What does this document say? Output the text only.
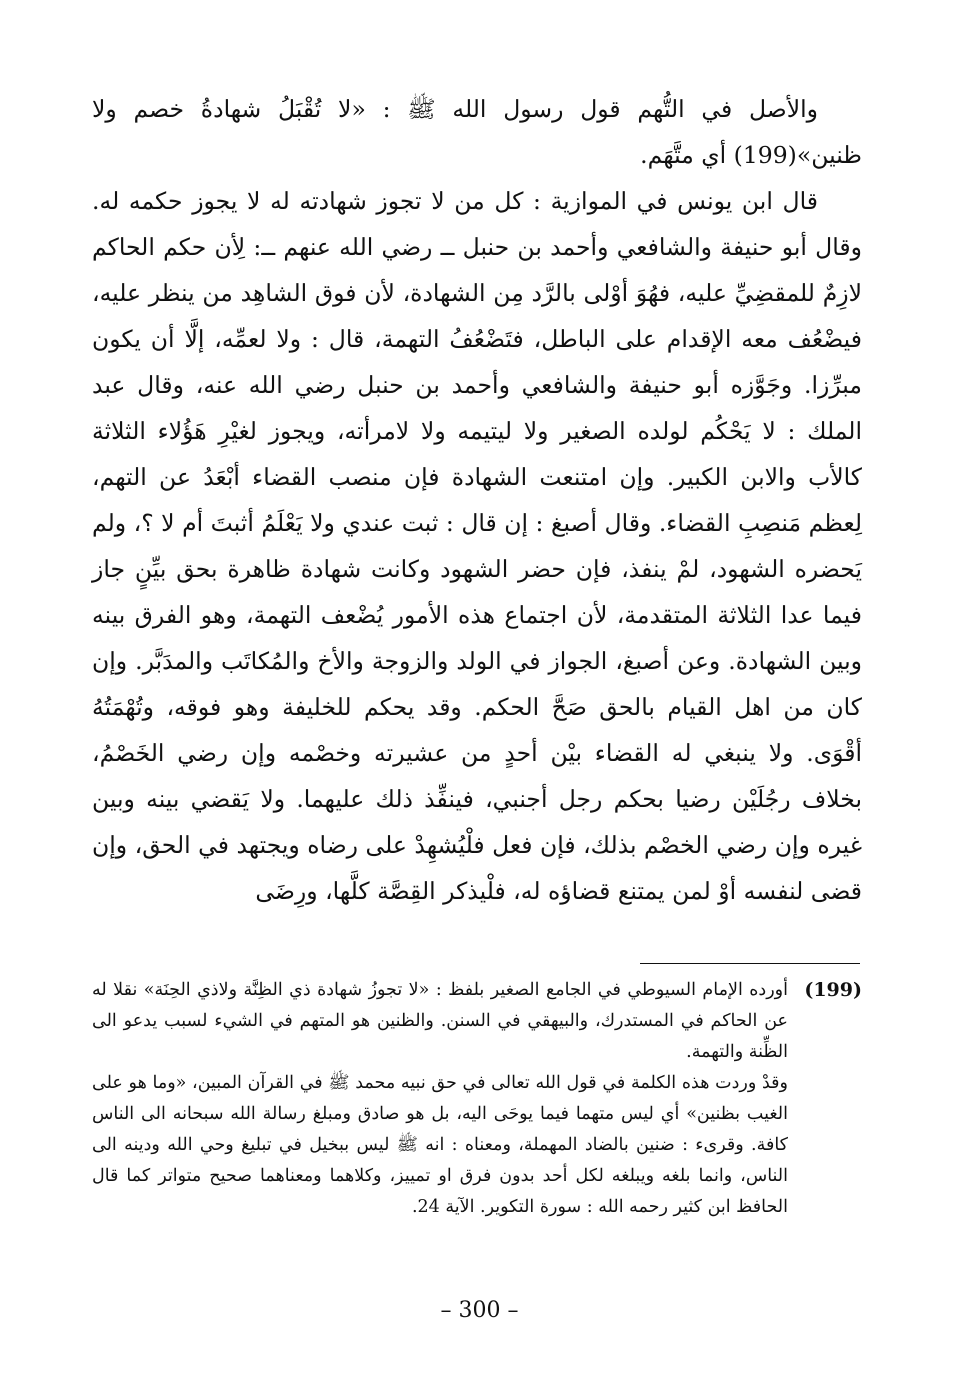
والأصل في التُّهم قول رسول الله ﷺ : «لا تُقْبَلُ شهادةُ خصم ولا ظنين»(199) أي متَّهَم.

قال ابن يونس في الموازية : كل من لا تجوز شهادته له لا يجوز حكمه له. وقال أبو حنيفة والشافعي وأحمد بن حنبل ــ رضي الله عنهم ــ: لِأن حكم الحاكم لازِمٌ للمقضِيِّ عليه، فهُوَ أوْلى بالرَّد مِن الشهادة، لأن فوق الشاهِد من ينظر عليه، فيضْعُف معه الإقدام على الباطل، فتَضْعُفُ التهمة، قال : ولا لعمِّه، إلَّا أن يكون مبرِّزا. وجَوَّزه أبو حنيفة والشافعي وأحمد بن حنبل رضي الله عنه، وقال عبد الملك : لا يَحْكُم لولده الصغير ولا ليتيمه ولا لامرأته، ويجوز لغيْرِ هَؤُلاء الثلاثة كالأب والابن الكبير. وإن امتنعت الشهادة فإن منصب القضاء أبْعَدُ عن التهم، لِعظم مَنصِبِ القضاء. وقال أصبغ : إن قال : ثبت عندي ولا يَعْلَمُ أثبتَ أم لا ؟، ولم يَحضره الشهود، لمْ ينفذ، فإن حضر الشهود وكانت شهادة ظاهرة بحق بيِّنٍ جاز فيما عدا الثلاثة المتقدمة، لأن اجتماع هذه الأمور يُضْعف التهمة، وهو الفرق بينه وبين الشهادة. وعن أصبغ، الجواز في الولد والزوجة والأخ والمُكاتَب والمدَبَّر. وإن كان من اهل القيام بالحق صَحَّ الحكم. وقد يحكم للخليفة وهو فوقه، وتُهْمَتُهُ أقْوَى. ولا ينبغي له القضاء بيْن أحدٍ من عشيرته وخصْمه وإن رضي الخَصْمُ، بخلاف رجُلَيْن رضيا بحكم رجل أجنبي، فينفِّذ ذلك عليهما. ولا يَقضي بينه وبين غيره وإن رضي الخصْم بذلك، فإن فعل فلْيُشهِدْ على رضاه ويجتهد في الحق، وإن قضى لنفسه أوْ لمن يمتنع قضاؤه له، فلْيذكر القِصَّة كلَّها، ورِضَى

(199)

أورده الإمام السيوطي في الجامع الصغير بلفظ : «لا تجوزُ شهادة ذي الظِنَّة ولاذي الحِنَة» نقلا له عن الحاكم في المستدرك، والبيهقي في السنن. والظنين هو المتهم في الشيء لسبب يدعو الى الظِّنة والتهمة.

وقدْ وردت هذه الكلمة في قول الله تعالى في حق نبيه محمد ﷺ في القرآن المبين، «وما هو على الغيب بظنين» أي ليس متهما فيما يوحَى اليه، بل هو صادق ومبلغ رسالة الله سبحانه الى الناس كافة. وقرىء : ضنين بالضاد المهملة، ومعناه : انه ﷺ ليس ببخيل في تبليغ وحي الله ودينه الى الناس، وانما بلغه ويبلغه لكل أحد بدون فرق او تمييز، وكلاهما ومعناهما صحيح متواتر كما قال الحافظ ابن كثير رحمه الله : سورة التكوير. الآية 24.

– 300 –
